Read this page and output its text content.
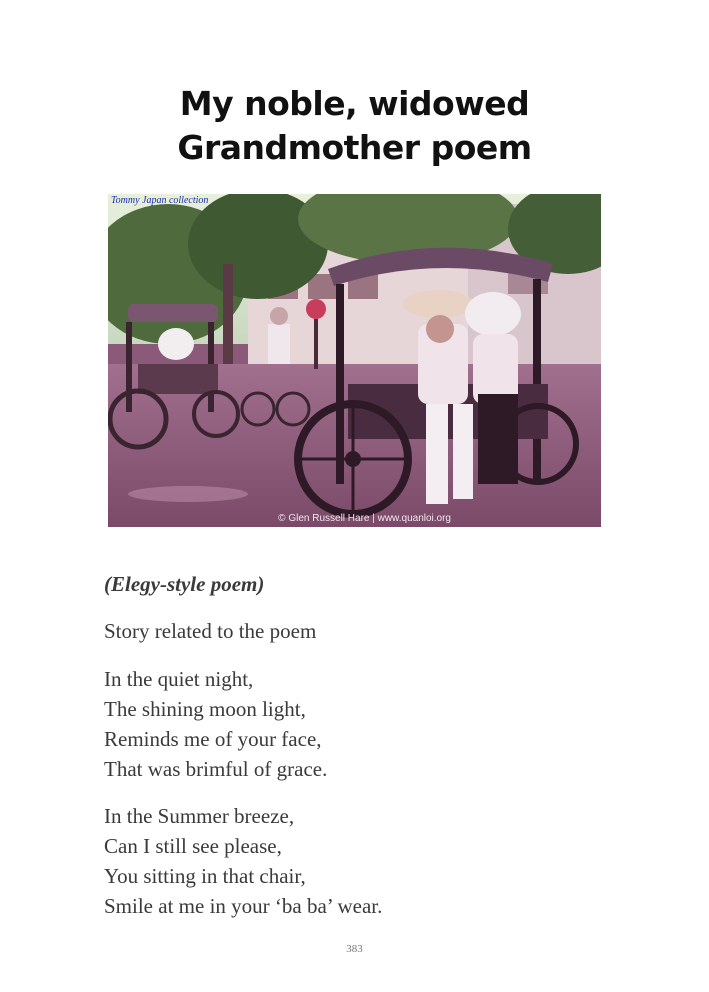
My noble, widowed
Grandmother poem
Tommy Japan collection
© Glen Russell Hare | www.quanloi.org
(Elegy-style poem)
Story related to the poem
In the quiet night,
The shining moon light,
Reminds me of your face,
That was brimful of grace.
In the Summer breeze,
Can I still see please,
You sitting in that chair,
Smile at me in your ‘ba ba’ wear.
383
